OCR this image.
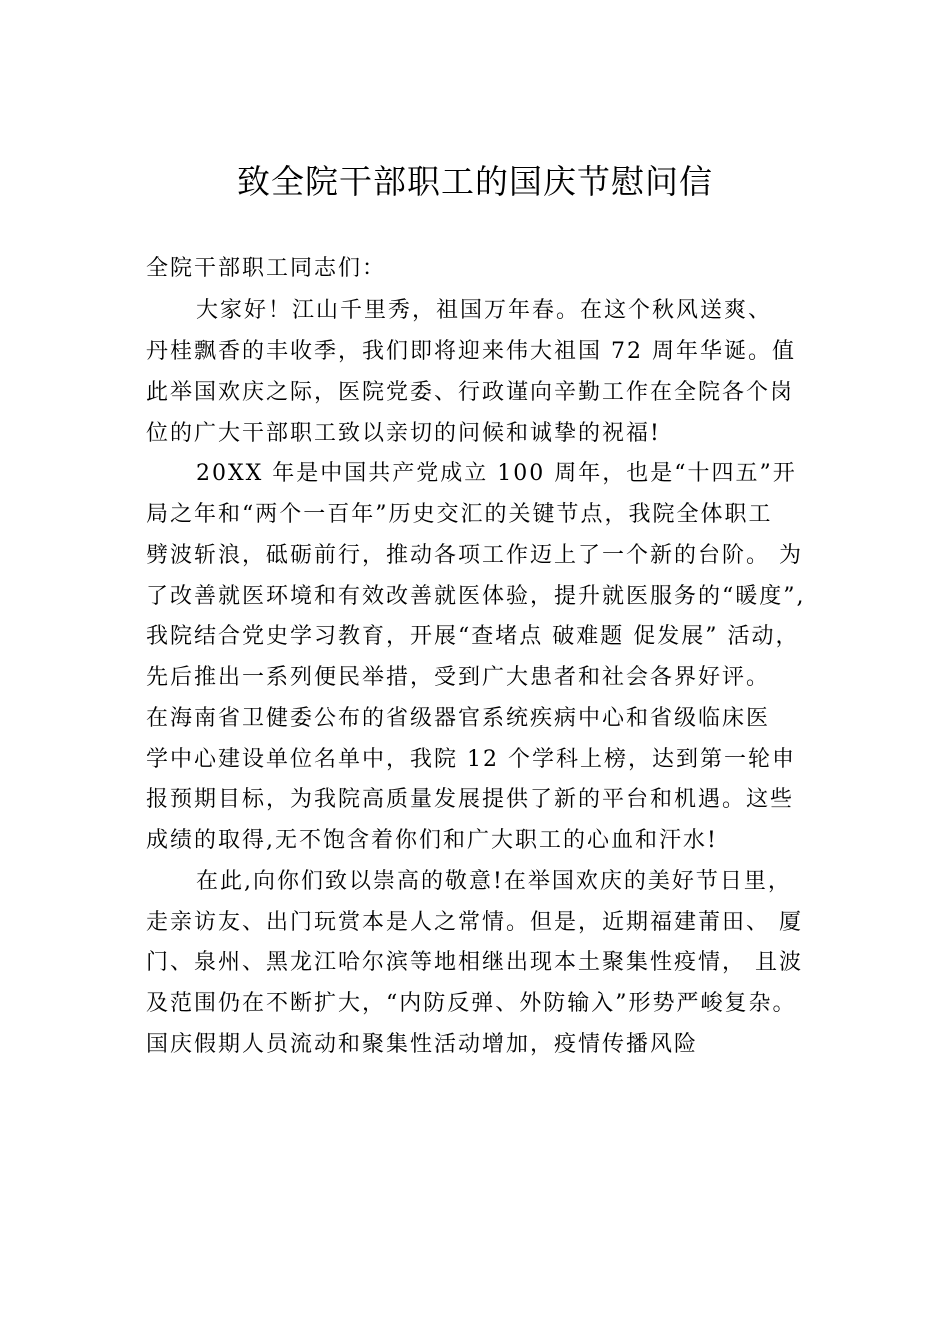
致全院干部职工的国庆节慰问信
全院干部职工同志们：
大家好！江山千里秀，祖国万年春。在这个秋风送爽、
丹桂飘香的丰收季，我们即将迎来伟大祖国 72 周年华诞。值
此举国欢庆之际，医院党委、行政谨向辛勤工作在全院各个岗
位的广大干部职工致以亲切的问候和诚挚的祝福!
20XX 年是中国共产党成立 100 周年，也是“十四五”开
局之年和“两个一百年”历史交汇的关键节点，我院全体职工
劈波斩浪，砥砺前行，推动各项工作迈上了一个新的台阶。 为
了改善就医环境和有效改善就医体验，提升就医服务的“暖度”,
我院结合党史学习教育，开展“查堵点 破难题 促发展” 活动，
先后推出一系列便民举措，受到广大患者和社会各界好评。
在海南省卫健委公布的省级器官系统疾病中心和省级临床医
学中心建设单位名单中，我院 12 个学科上榜，达到第一轮申
报预期目标，为我院高质量发展提供了新的平台和机遇。这些
成绩的取得,无不饱含着你们和广大职工的心血和汗水!
在此,向你们致以崇高的敬意!在举国欢庆的美好节日里，
走亲访友、出门玩赏本是人之常情。但是，近期福建莆田、 厦
门、泉州、黑龙江哈尔滨等地相继出现本土聚集性疫情， 且波
及范围仍在不断扩大，“内防反弹、外防输入”形势严峻复杂。
国庆假期人员流动和聚集性活动增加，疫情传播风险
